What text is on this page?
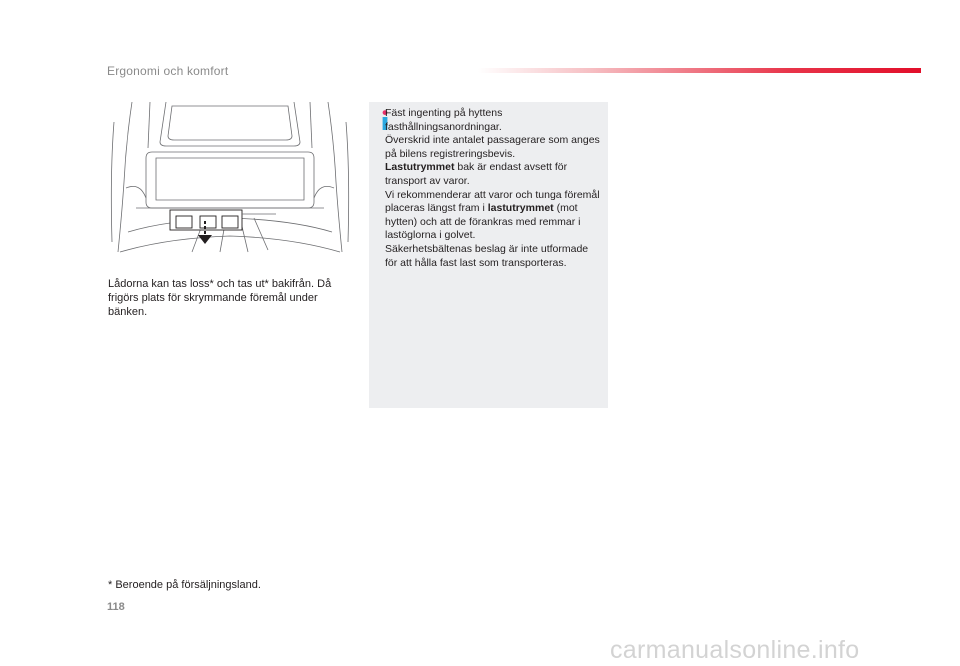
Ergonomi och komfort
Lådorna kan tas loss* och tas ut* bakifrån. Då frigörs plats för skrymmande föremål under bänken.

Fäst ingenting på hyttens fasthållningsanordningar.

Överskrid inte antalet passagerare som anges på bilens registreringsbevis.

Lastutrymmet bak är endast avsett för transport av varor.

Vi rekommenderar att varor och tunga föremål placeras längst fram i lastutrymmet (mot hytten) och att de förankras med remmar i lastöglorna i golvet.

Säkerhetsbältenas beslag är inte utformade för att hålla fast last som transporteras.

* Beroende på försäljningsland.
118
carmanualsonline.info
